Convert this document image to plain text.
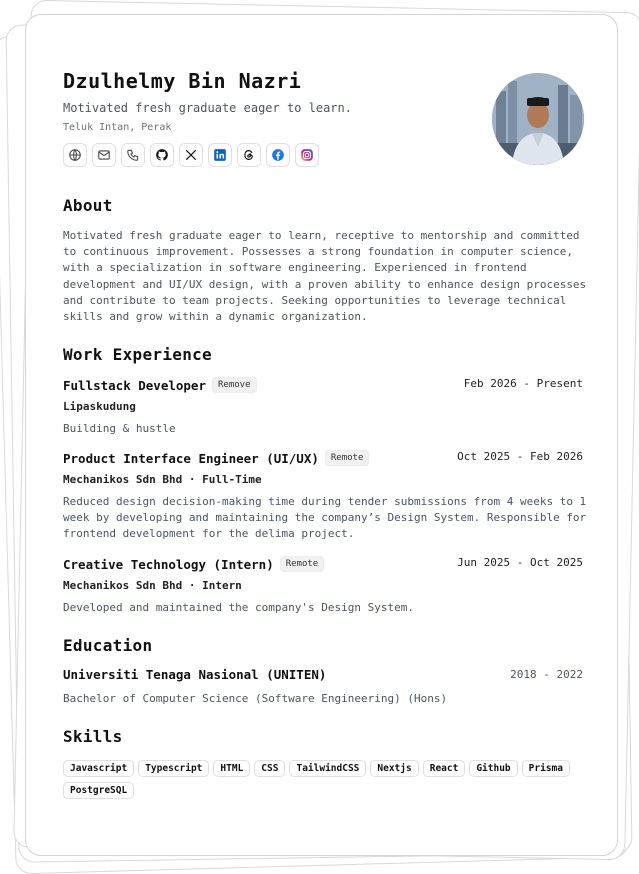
Dzulhelmy Bin Nazri

Motivated fresh graduate eager to learn.

Teluk Intan, Perak

About

Motivated fresh graduate eager to learn, receptive to mentorship and committed to continuous improvement. Possesses a strong foundation in computer science, with a specialization in software engineering. Experienced in frontend development and UI/UX design, with a proven ability to enhance design processes and contribute to team projects. Seeking opportunities to leverage technical skills and grow within a dynamic organization.

Work Experience
Fullstack Developer	Remove	Feb 2026 - Present

Lipaskudung

Building & hustle

Product Interface Engineer (UI/UX)	Remote	Oct 2025 - Feb 2026

Mechanikos Sdn Bhd · Full-Time

Reduced design decision-making time during tender submissions from 4 weeks to 1 week by developing and maintaining the company’s Design System. Responsible for frontend development for the delima project.

Creative Technology (Intern)	Remote	Jun 2025 - Oct 2025

Mechanikos Sdn Bhd · Intern

Developed and maintained the company's Design System.

Education

Universiti Tenaga Nasional (UNITEN)	2018 - 2022

Bachelor of Computer Science (Software Engineering) (Hons)

Skills
Javascript	Typescript	HTML	CSS	TailwindCSS	Nextjs	React	Github	Prisma
PostgreSQL
